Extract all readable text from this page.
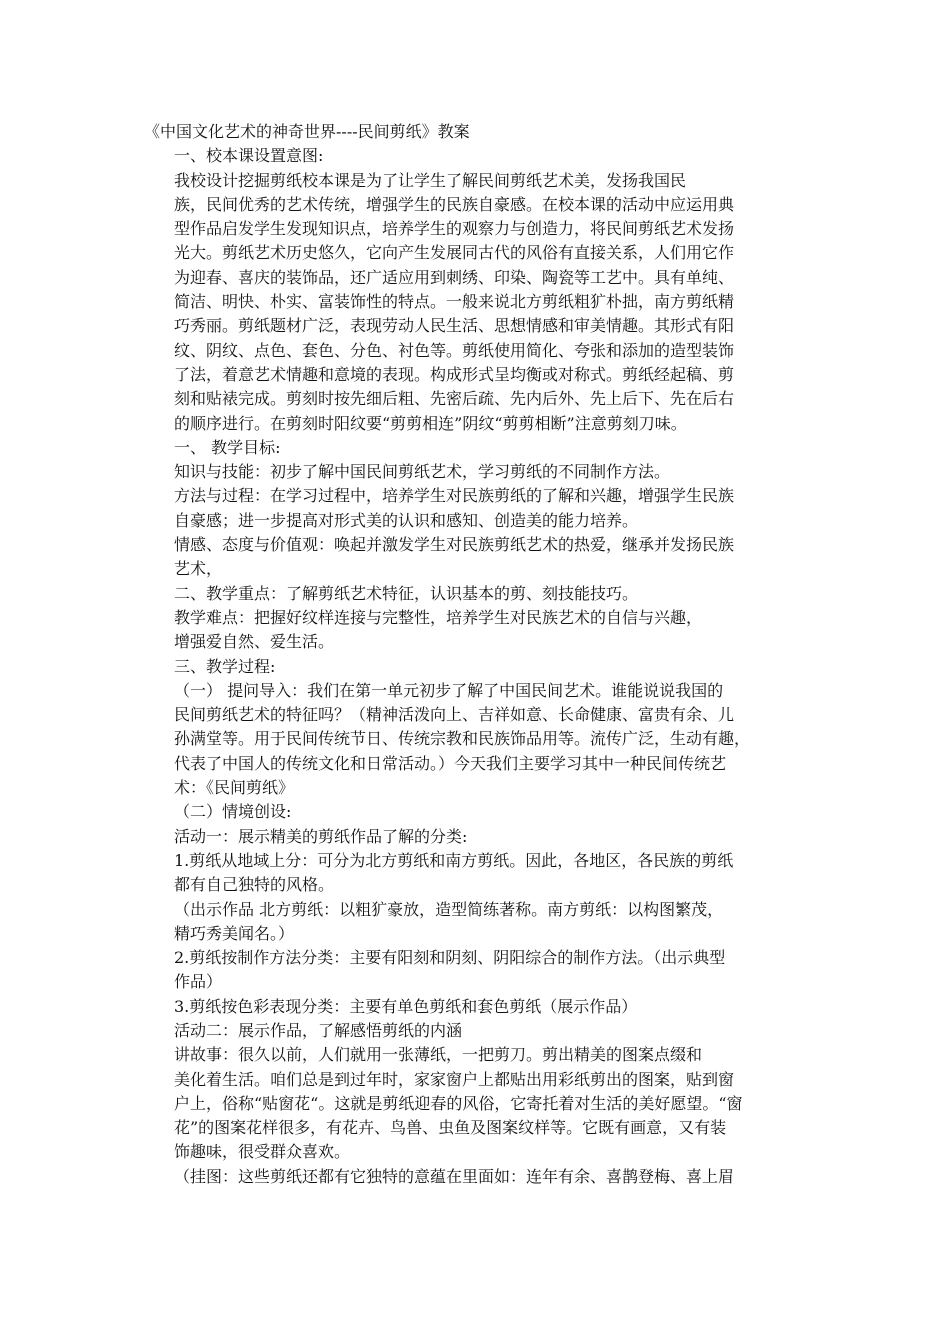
《中国文化艺术的神奇世界----民间剪纸》教案
一、校本课设置意图:
我校设计挖掘剪纸校本课是为了让学生了解民间剪纸艺术美，发扬我国民
族，民间优秀的艺术传统，增强学生的民族自豪感。在校本课的活动中应运用典
型作品启发学生发现知识点，培养学生的观察力与创造力，将民间剪纸艺术发扬
光大。剪纸艺术历史悠久，它向产生发展同古代的风俗有直接关系，人们用它作
为迎春、喜庆的装饰品，还广适应用到刺绣、印染、陶瓷等工艺中。具有单纯、
简洁、明快、朴实、富装饰性的特点。一般来说北方剪纸粗犷朴拙，南方剪纸精
巧秀丽。剪纸题材广泛，表现劳动人民生活、思想情感和审美情趣。其形式有阳
纹、阴纹、点色、套色、分色、衬色等。剪纸使用简化、夸张和添加的造型装饰
了法，着意艺术情趣和意境的表现。构成形式呈均衡或对称式。剪纸经起稿、剪
刻和贴裱完成。剪刻时按先细后粗、先密后疏、先内后外、先上后下、先在后右
的顺序进行。在剪刻时阳纹要“剪剪相连”阴纹“剪剪相断”注意剪刻刀味。
一、 教学目标:
知识与技能：初步了解中国民间剪纸艺术，学习剪纸的不同制作方法。
方法与过程：在学习过程中，培养学生对民族剪纸的了解和兴趣，增强学生民族
自豪感；进一步提高对形式美的认识和感知、创造美的能力培养。
情感、态度与价值观：唤起并激发学生对民族剪纸艺术的热爱，继承并发扬民族
艺术，
二、教学重点：了解剪纸艺术特征，认识基本的剪、刻技能技巧。
教学难点：把握好纹样连接与完整性，培养学生对民族艺术的自信与兴趣，
增强爱自然、爱生活。
三、教学过程:
（一） 提问导入：我们在第一单元初步了解了中国民间艺术。谁能说说我国的
民间剪纸艺术的特征吗？（精神活泼向上、吉祥如意、长命健康、富贵有余、儿
孙满堂等。用于民间传统节日、传统宗教和民族饰品用等。流传广泛，生动有趣，
代表了中国人的传统文化和日常活动。）今天我们主要学习其中一种民间传统艺
术：《民间剪纸》
（二）情境创设:
活动一：展示精美的剪纸作品了解的分类:
1.剪纸从地域上分：可分为北方剪纸和南方剪纸。因此，各地区，各民族的剪纸
都有自己独特的风格。
（出示作品 北方剪纸：以粗犷豪放，造型简练著称。南方剪纸：以构图繁茂，
精巧秀美闻名。）
2.剪纸按制作方法分类：主要有阳刻和阴刻、阴阳综合的制作方法。（出示典型
作品）
3.剪纸按色彩表现分类：主要有单色剪纸和套色剪纸（展示作品）
活动二：展示作品，了解感悟剪纸的内涵
讲故事：很久以前，人们就用一张薄纸，一把剪刀。剪出精美的图案点缀和
美化着生活。咱们总是到过年时，家家窗户上都贴出用彩纸剪出的图案，贴到窗
户上，俗称“贴窗花“。这就是剪纸迎春的风俗，它寄托着对生活的美好愿望。“窗
花”的图案花样很多，有花卉、鸟兽、虫鱼及图案纹样等。它既有画意，又有装
饰趣味，很受群众喜欢。
（挂图：这些剪纸还都有它独特的意蕴在里面如：连年有余、喜鹊登梅、喜上眉
